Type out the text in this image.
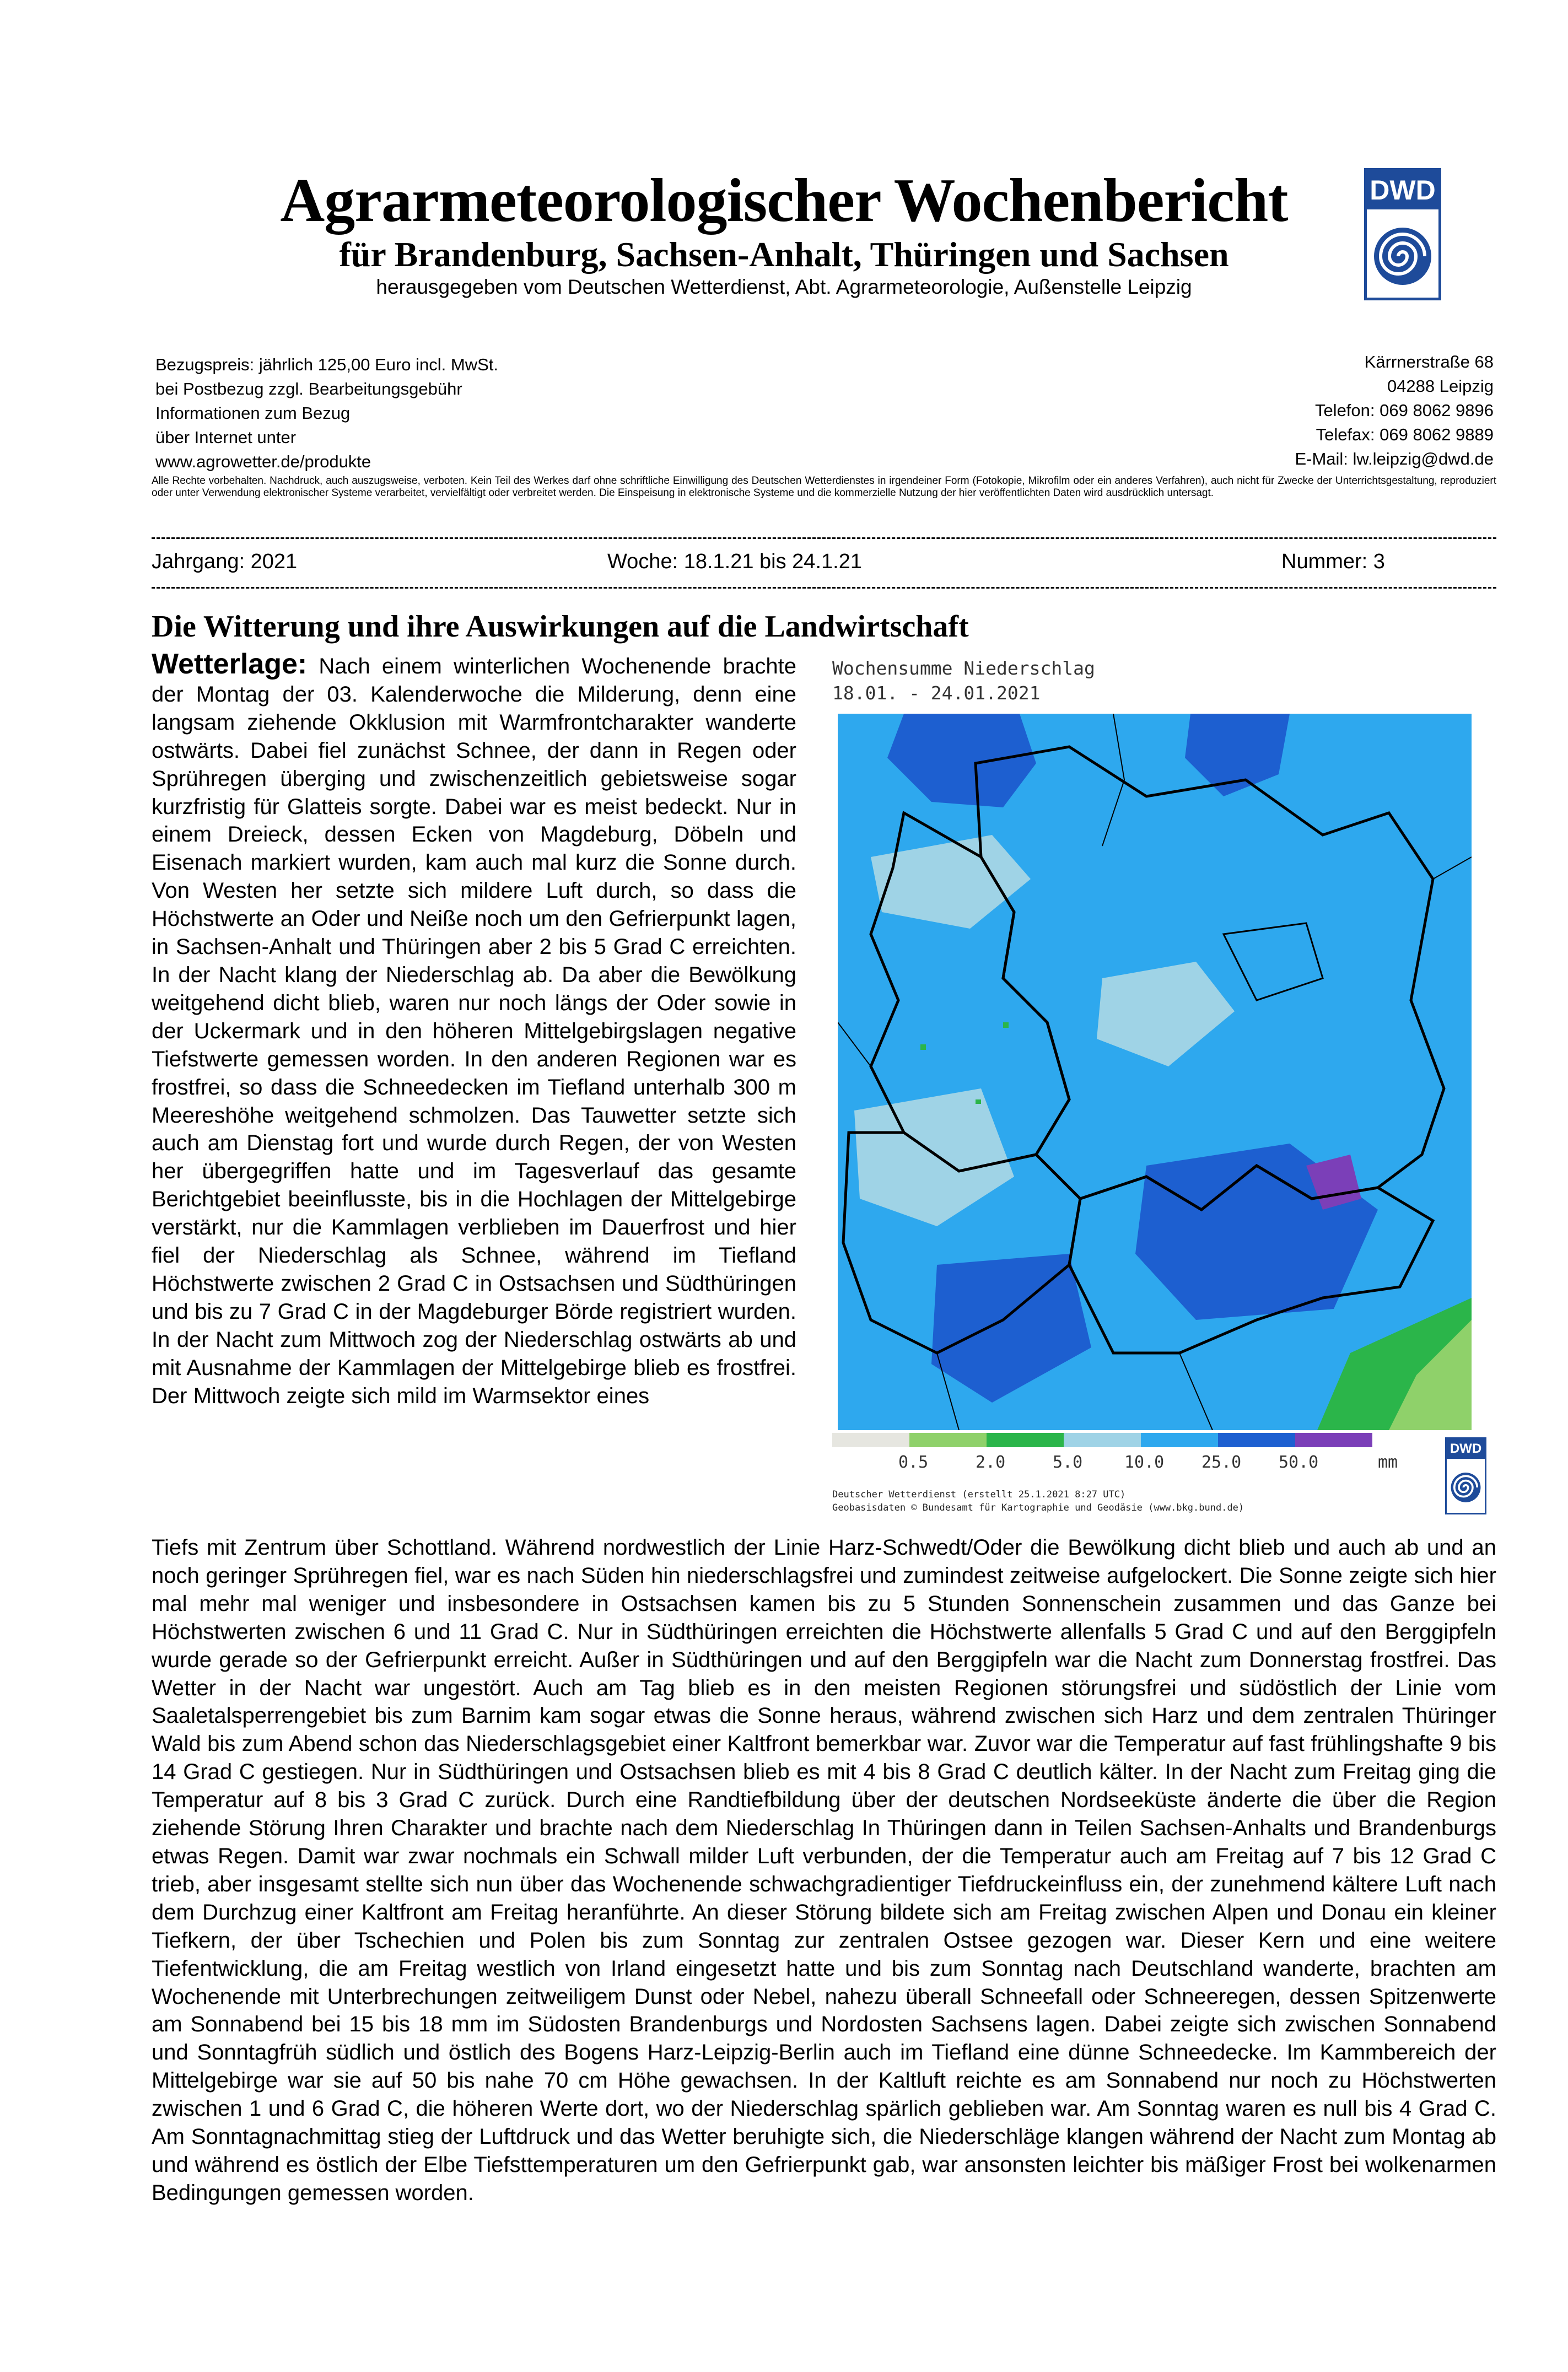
Agrarmeteorologischer Wochenbericht
für Brandenburg, Sachsen-Anhalt, Thüringen und Sachsen
herausgegeben vom Deutschen Wetterdienst, Abt. Agrarmeteorologie, Außenstelle Leipzig
DWD
Bezugspreis: jährlich 125,00 Euro incl. MwSt.
bei Postbezug zzgl. Bearbeitungsgebühr
Informationen zum Bezug
über Internet unter
www.agrowetter.de/produkte
Kärrnerstraße 68
04288 Leipzig
Telefon: 069 8062 9896
Telefax: 069 8062 9889
E-Mail: lw.leipzig@dwd.de
Alle Rechte vorbehalten. Nachdruck, auch auszugsweise, verboten. Kein Teil des Werkes darf ohne schriftliche Einwilligung des Deutschen Wetterdienstes in irgendeiner Form (Fotokopie, Mikrofilm oder ein anderes Verfahren), auch nicht für Zwecke der Unterrichtsgestaltung, reproduziert oder unter Verwendung elektronischer Systeme verarbeitet, vervielfältigt oder verbreitet werden. Die Einspeisung in elektronische Systeme und die kommerzielle Nutzung der hier veröffentlichten Daten wird ausdrücklich untersagt.
Jahrgang: 2021	Woche: 18.1.21 bis 24.1.21	Nummer: 3
Die Witterung und ihre Auswirkungen auf die Landwirtschaft
Wetterlage: Nach einem winterlichen Wochenende brachte der Montag der 03. Kalenderwoche die Milderung, denn eine langsam ziehende Okklusion mit Warmfrontcharakter wanderte ostwärts. Dabei fiel zunächst Schnee, der dann in Regen oder Sprühregen überging und zwischenzeitlich gebietsweise sogar kurzfristig für Glatteis sorgte. Dabei war es meist bedeckt. Nur in einem Dreieck, dessen Ecken von Magdeburg, Döbeln und Eisenach markiert wurden, kam auch mal kurz die Sonne durch. Von Westen her setzte sich mildere Luft durch, so dass die Höchstwerte an Oder und Neiße noch um den Gefrierpunkt lagen, in Sachsen-Anhalt und Thüringen aber 2 bis 5 Grad C erreichten. In der Nacht klang der Niederschlag ab. Da aber die Bewölkung weitgehend dicht blieb, waren nur noch längs der Oder sowie in der Uckermark und in den höheren Mittelgebirgslagen negative Tiefstwerte gemessen worden. In den anderen Regionen war es frostfrei, so dass die Schneedecken im Tiefland unterhalb 300 m Meereshöhe weitgehend schmolzen. Das Tauwetter setzte sich auch am Dienstag fort und wurde durch Regen, der von Westen her übergegriffen hatte und im Tagesverlauf das gesamte Berichtgebiet beeinflusste, bis in die Hochlagen der Mittelgebirge verstärkt, nur die Kammlagen verblieben im Dauerfrost und hier fiel der Niederschlag als Schnee, während im Tiefland Höchstwerte zwischen 2 Grad C in Ostsachsen und Südthüringen und bis zu 7 Grad C in der Magdeburger Börde registriert wurden. In der Nacht zum Mittwoch zog der Niederschlag ostwärts ab und mit Ausnahme der Kammlagen der Mittelgebirge blieb es frostfrei. Der Mittwoch zeigte sich mild im Warmsektor eines
Wochensumme Niederschlag
18.01. - 24.01.2021
0.5	2.0	5.0	10.0 25.0 50.0	mm
Deutscher Wetterdienst (erstellt 25.1.2021 8:27 UTC)
Geobasisdaten © Bundesamt für Kartographie und Geodäsie (www.bkg.bund.de)
DWD
Tiefs mit Zentrum über Schottland. Während nordwestlich der Linie Harz-Schwedt/Oder die Bewölkung dicht blieb und auch ab und an noch geringer Sprühregen fiel, war es nach Süden hin niederschlagsfrei und zumindest zeitweise aufgelockert. Die Sonne zeigte sich hier mal mehr mal weniger und insbesondere in Ostsachsen kamen bis zu 5 Stunden Sonnenschein zusammen und das Ganze bei Höchstwerten zwischen 6 und 11 Grad C. Nur in Südthüringen erreichten die Höchstwerte allenfalls 5 Grad C und auf den Berggipfeln wurde gerade so der Gefrierpunkt erreicht. Außer in Südthüringen und auf den Berggipfeln war die Nacht zum Donnerstag frostfrei. Das Wetter in der Nacht war ungestört. Auch am Tag blieb es in den meisten Regionen störungsfrei und südöstlich der Linie vom Saaletalsperrengebiet bis zum Barnim kam sogar etwas die Sonne heraus, während zwischen sich Harz und dem zentralen Thüringer Wald bis zum Abend schon das Niederschlagsgebiet einer Kaltfront bemerkbar war. Zuvor war die Temperatur auf fast frühlingshafte 9 bis 14 Grad C gestiegen. Nur in Südthüringen und Ostsachsen blieb es mit 4 bis 8 Grad C deutlich kälter. In der Nacht zum Freitag ging die Temperatur auf 8 bis 3 Grad C zurück. Durch eine Randtiefbildung über der deutschen Nordseeküste änderte die über die Region ziehende Störung Ihren Charakter und brachte nach dem Niederschlag In Thüringen dann in Teilen Sachsen-Anhalts und Brandenburgs etwas Regen. Damit war zwar nochmals ein Schwall milder Luft verbunden, der die Temperatur auch am Freitag auf 7 bis 12 Grad C trieb, aber insgesamt stellte sich nun über das Wochenende schwachgradientiger Tiefdruckeinfluss ein, der zunehmend kältere Luft nach dem Durchzug einer Kaltfront am Freitag heranführte. An dieser Störung bildete sich am Freitag zwischen Alpen und Donau ein kleiner Tiefkern, der über Tschechien und Polen bis zum Sonntag zur zentralen Ostsee gezogen war. Dieser Kern und eine weitere Tiefentwicklung, die am Freitag westlich von Irland eingesetzt hatte und bis zum Sonntag nach Deutschland wanderte, brachten am Wochenende mit Unterbrechungen zeitweiligem Dunst oder Nebel, nahezu überall Schneefall oder Schneeregen, dessen Spitzenwerte am Sonnabend bei 15 bis 18 mm im Südosten Brandenburgs und Nordosten Sachsens lagen. Dabei zeigte sich zwischen Sonnabend und Sonntagfrüh südlich und östlich des Bogens Harz-Leipzig-Berlin auch im Tiefland eine dünne Schneedecke. Im Kammbereich der Mittelgebirge war sie auf 50 bis nahe 70 cm Höhe gewachsen. In der Kaltluft reichte es am Sonnabend nur noch zu Höchstwerten zwischen 1 und 6 Grad C, die höheren Werte dort, wo der Niederschlag spärlich geblieben war. Am Sonntag waren es null bis 4 Grad C. Am Sonntagnachmittag stieg der Luftdruck und das Wetter beruhigte sich, die Niederschläge klangen während der Nacht zum Montag ab und während es östlich der Elbe Tiefsttemperaturen um den Gefrierpunkt gab, war ansonsten leichter bis mäßiger Frost bei wolkenarmen Bedingungen gemessen worden.
